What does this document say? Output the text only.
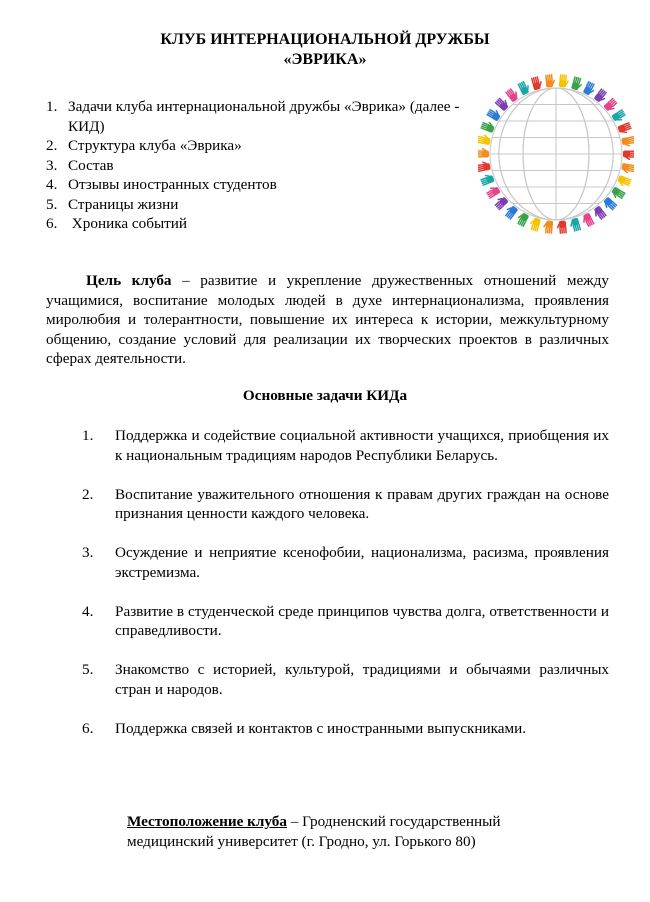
КЛУБ ИНТЕРНАЦИОНАЛЬНОЙ ДРУЖБЫ
«ЭВРИКА»
1. Задачи клуба интернациональной дружбы «Эврика» (далее - КИД)
2. Структура клуба «Эврика»
3. Состав
4. Отзывы иностранных студентов
5. Страницы жизни
6. Хроника событий

Цель клуба – развитие и укрепление дружественных отношений между учащимися, воспитание молодых людей в духе интернационализма, проявления миролюбия и толерантности, повышение их интереса к истории, межкультурному общению, создание условий для реализации их творческих проектов в различных сферах деятельности.

Основные задачи КИДа
1. Поддержка и содействие социальной активности учащихся, приобщения их к национальным традициям народов Республики Беларусь.
2. Воспитание уважительного отношения к правам других граждан на основе признания ценности каждого человека.
3. Осуждение и неприятие ксенофобии, национализма, расизма, проявления экстремизма.
4. Развитие в студенческой среде принципов чувства долга, ответственности и справедливости.
5. Знакомство с историей, культурой, традициями и обычаями различных стран и народов.
6. Поддержка связей и контактов с иностранными выпускниками.

Местоположение клуба – Гродненский государственный медицинский университет (г. Гродно, ул. Горького 80)
